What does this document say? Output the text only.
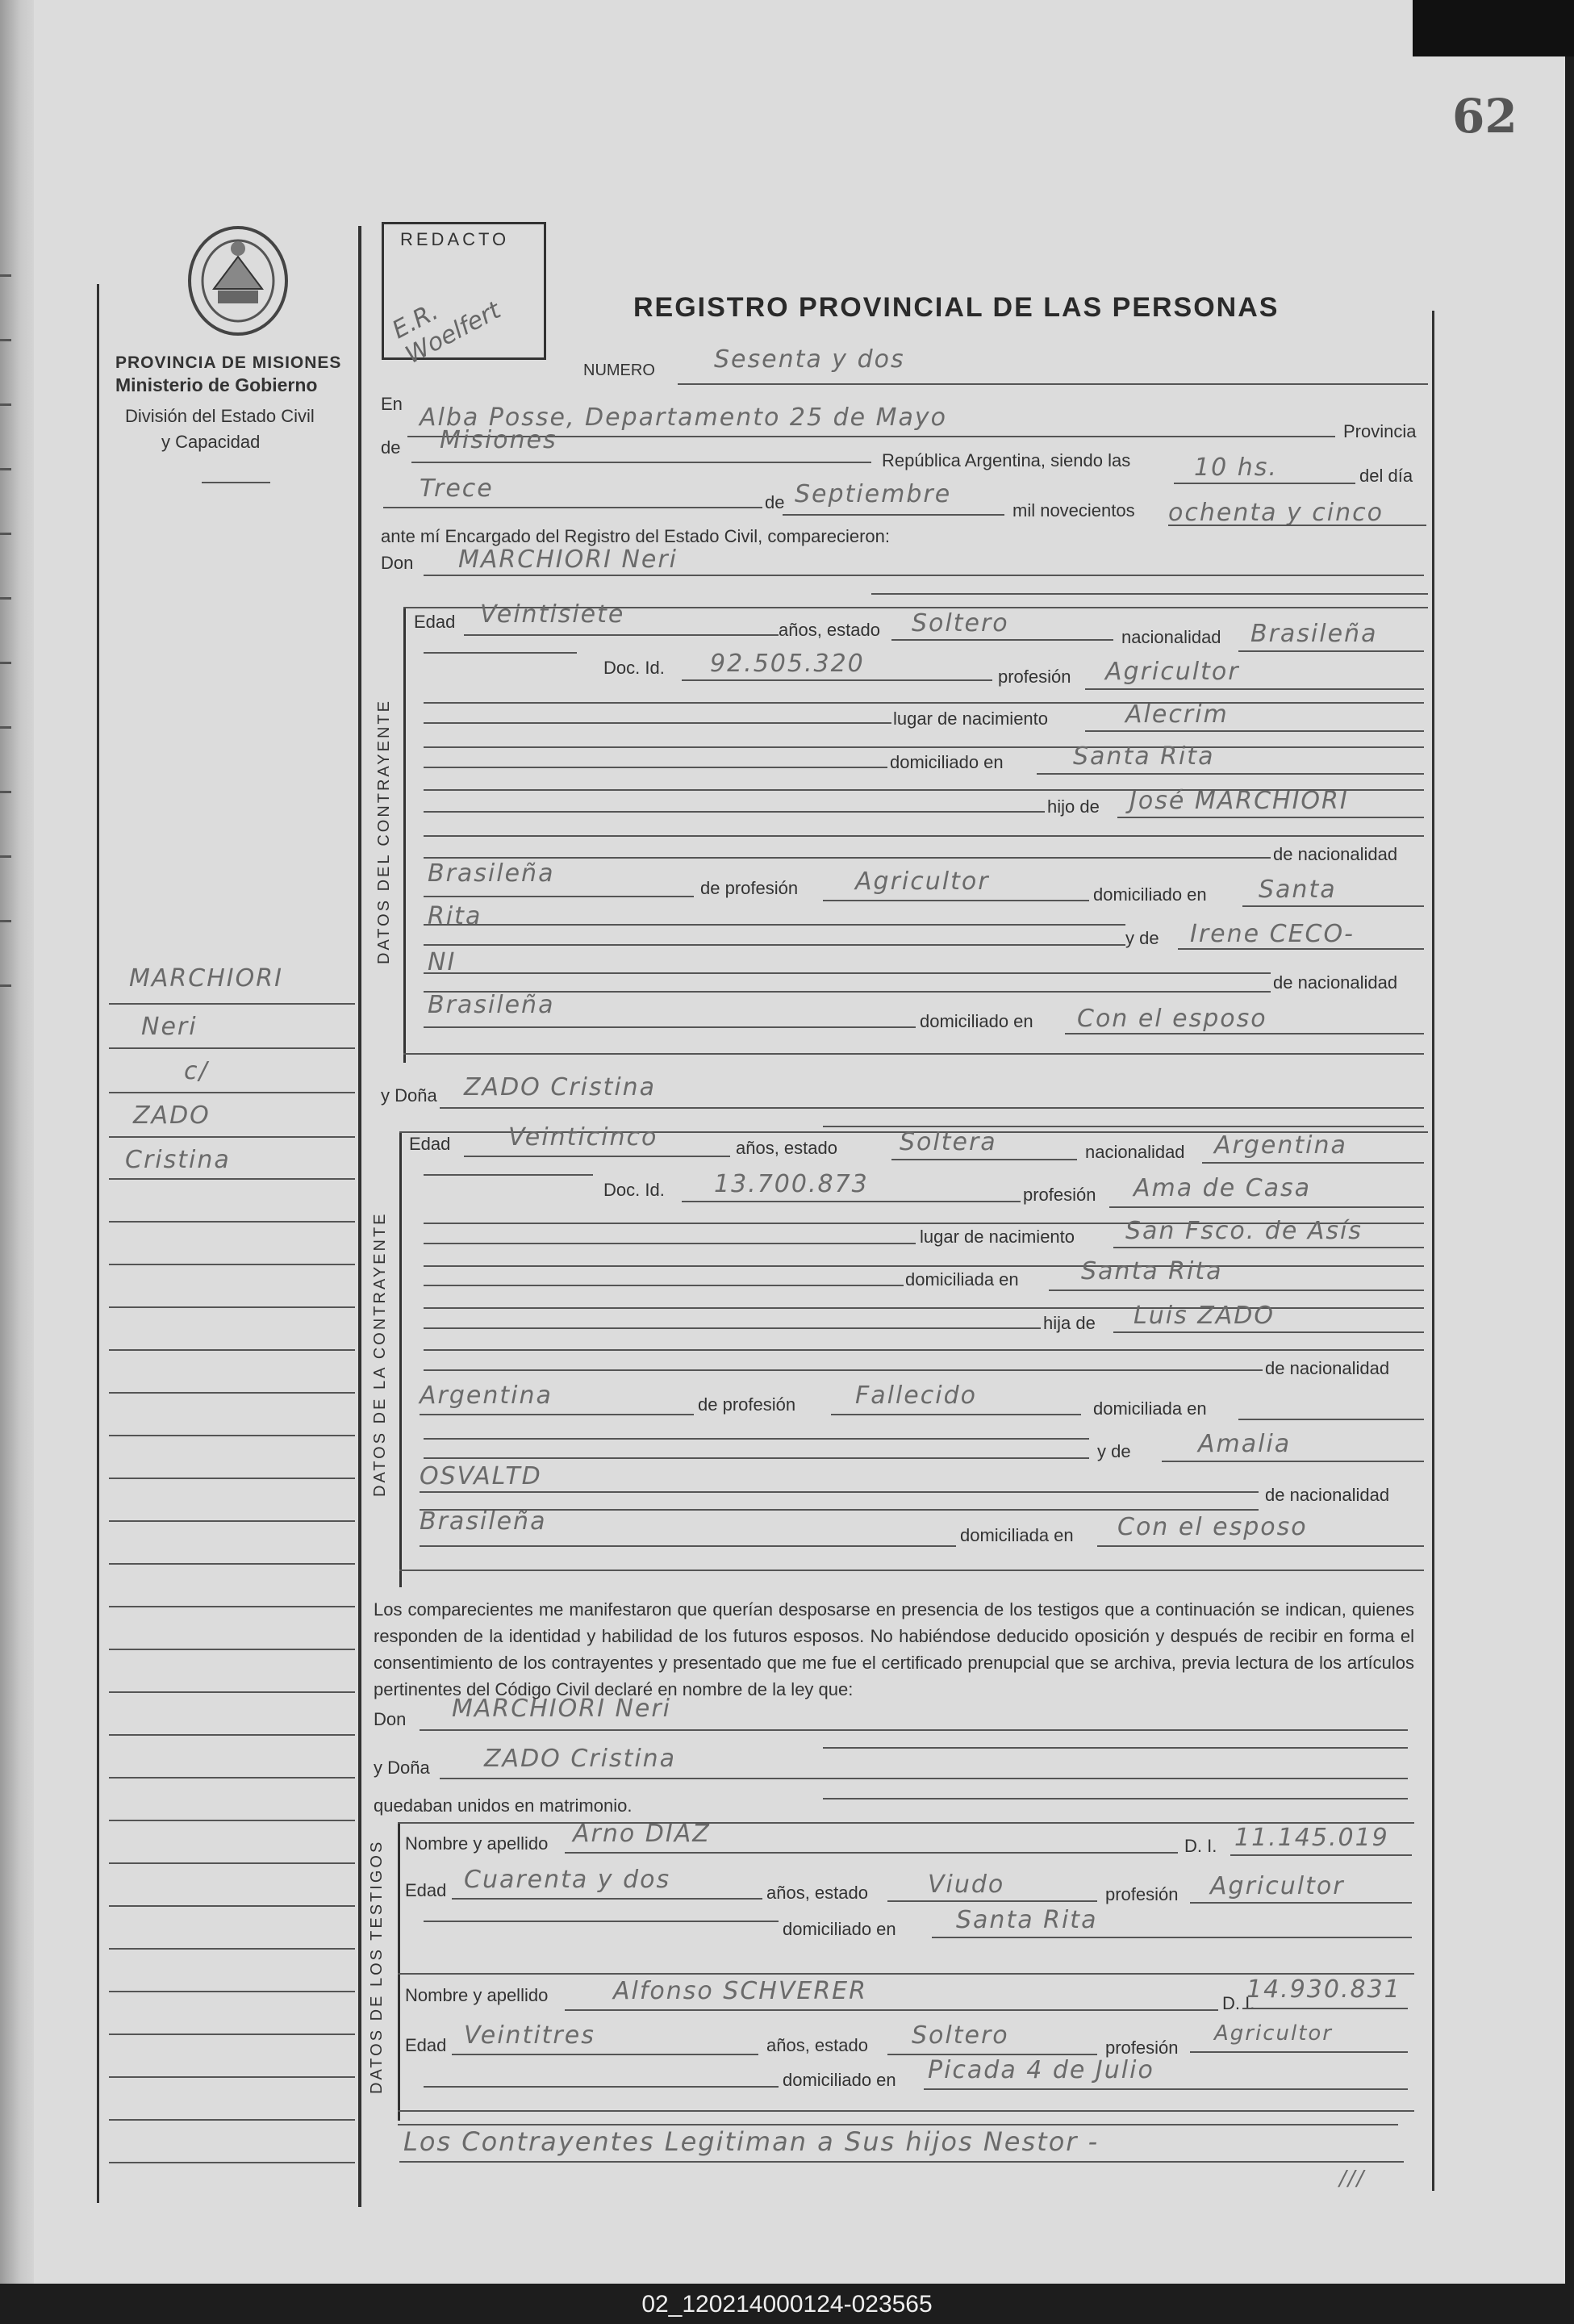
62
PROVINCIA DE MISIONES
Ministerio de Gobierno
División del Estado Civil
y Capacidad
REDACTO
E.R. Woelfert	REGISTRO PROVINCIAL DE LAS PERSONAS
MARCHIORI
Neri
c/
ZADO
Cristina
NUMERO Sesenta y dos
En Alba Posse, Departamento 25 de Mayo	Provincia
de Misiones
República Argentina, siendo las	10 hs.	del día
Trece	de Septiembre
mil novecientos ochenta y cinco
ante mí Encargado del Registro del Estado Civil, comparecieron:
Don MARCHIORI Neri
DATOS DEL CONTRAYENTE
Edad Veintisiete
años, estado Soltero	nacionalidad Brasileña
Doc. Id. 92.505.320	profesión Agricultor
lugar de nacimiento	Alecrim
domiciliado en	Santa Rita
hijo de José MARCHIORI
de nacionalidad
Brasileña
de profesión Agricultor	domiciliado en Santa
Rita
y de Irene CECO-
NI
de nacionalidad
Brasileña
domiciliado en Con el esposo
y Doña ZADO Cristina
DATOS DE LA CONTRAYENTE
Edad Veinticinco	años, estado	Soltera	nacionalidad Argentina
Doc. Id. 13.700.873	profesión Ama de Casa
lugar de nacimiento San Fsco. de Asís
domiciliada en	Santa Rita
hija de Luis ZADO
de nacionalidad
Argentina	de profesión Fallecido	domiciliada en
y de	Amalia
OSVALTD
de nacionalidad
Brasileña	domiciliada en Con el esposo
Los comparecientes me manifestaron que querían desposarse en presencia de los testigos que a continuación se indican, quienes responden de la identidad y habilidad de los futuros esposos. No habiéndose deducido oposición y después de recibir en forma el consentimiento de los contrayentes y presentado que me fue el certificado prenupcial que se archiva, previa lectura de los artículos pertinentes del Código Civil declaré en nombre de la ley que:
Don MARCHIORI Neri
y Doña ZADO Cristina
quedaban unidos en matrimonio.
DATOS DE LOS TESTIGOS Nombre y apellido Arno DIAZ	D. I. 11.145.019
Edad Cuarenta y dos	años, estado Viudo	profesión Agricultor
domiciliado en Santa Rita
Nombre y apellido	Alfonso SCHVERER	D. I.
14.930.831
Edad Veintitres	años, estado Soltero	profesión
Agricultor
domiciliado en Picada 4 de Julio
Los Contrayentes Legitiman a Sus hijos Nestor -
///
02_120214000124-023565
